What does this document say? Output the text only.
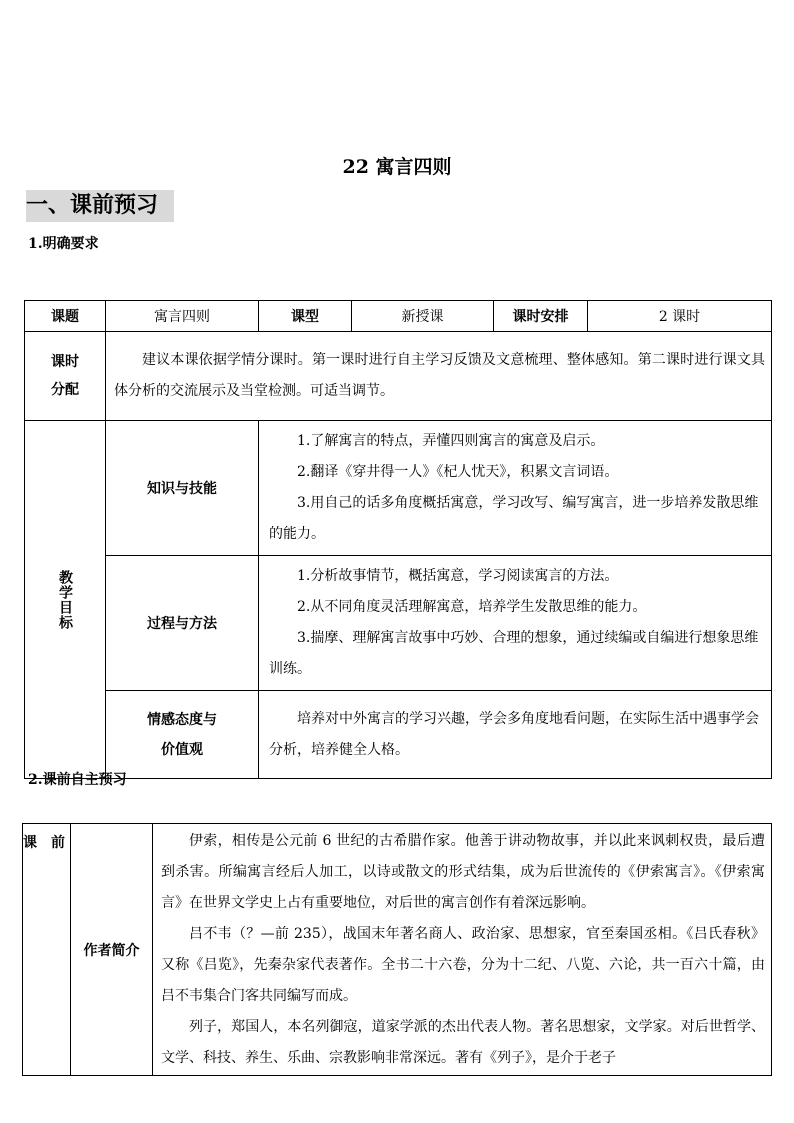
22 寓言四则
一、课前预习
1.明确要求
课题	寓言四则	课型	新授课	课时安排	2 课时

课时
分配	建议本课依据学情分课时。第一课时进行自主学习反馈及文意梳理、整体感知。第二课时进行课文具体分析的交流展示及当堂检测。可适当调节。				

教学目标	知识与技能	1.了解寓言的特点，弄懂四则寓言的寓意及启示。
2.翻译《穿井得一人》《杞人忧天》，积累文言词语。
3.用自己的话多角度概括寓意，学习改写、编写寓言，进一步培养发散思维的能力。			

	过程与方法	1.分析故事情节，概括寓意，学习阅读寓言的方法。
2.从不同角度灵活理解寓意，培养学生发散思维的能力。
3.揣摩、理解寓言故事中巧妙、合理的想象，通过续编或自编进行想象思维训练。			

	情感态度与
价值观	培养对中外寓言的学习兴趣，学会多角度地看问题，在实际生活中遇事学会分析，培养健全人格。			
2.课前自主预习
课前	作者简介	
伊索，相传是公元前 6 世纪的古希腊作家。他善于讲动物故事，并以此来讽刺权贵，最后遭到杀害。所编寓言经后人加工，以诗或散文的形式结集，成为后世流传的《伊索寓言》。《伊索寓言》在世界文学史上占有重要地位，对后世的寓言创作有着深远影响。
吕不韦（？—前 235），战国末年著名商人、政治家、思想家，官至秦国丞相。《吕氏春秋》又称《吕览》，先秦杂家代表著作。全书二十六卷，分为十二纪、八览、六论，共一百六十篇，由吕不韦集合门客共同编写而成。
列子，郑国人，本名列御寇，道家学派的杰出代表人物。著名思想家，文学家。对后世哲学、文学、科技、养生、乐曲、宗教影响非常深远。著有《列子》，是介于老子
